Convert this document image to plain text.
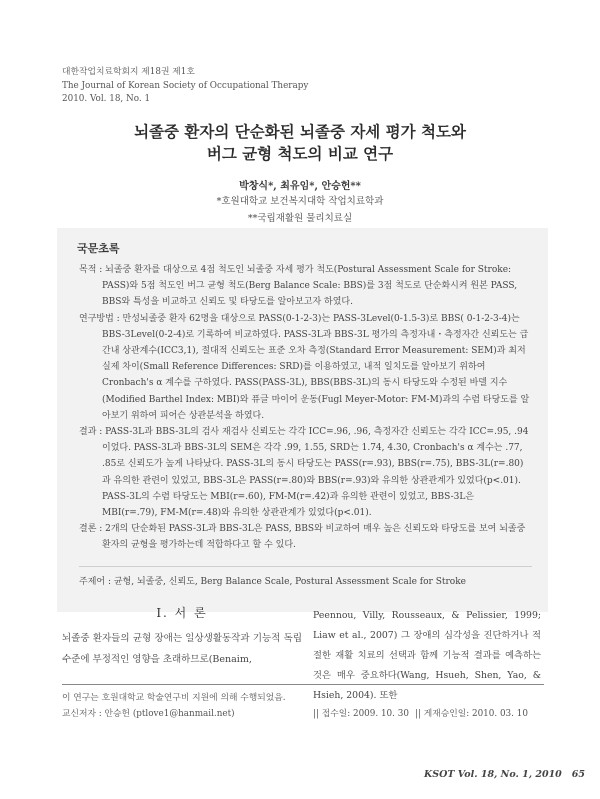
대한작업치료학회지 제18권 제1호
The Journal of Korean Society of Occupational Therapy
2010. Vol. 18, No. 1
뇌졸중 환자의 단순화된 뇌졸중 자세 평가 척도와
버그 균형 척도의 비교 연구
박창식*, 최유임*, 안승헌**
*호원대학교 보건복지대학 작업치료학과
**국립재활원 물리치료실
국문초록

목적 : 뇌졸중 환자를 대상으로 4점 척도인 뇌졸중 자세 평가 척도(Postural Assessment Scale for Stroke: PASS)와 5점 척도인 버그 균형 척도(Berg Balance Scale: BBS)를 3점 척도로 단순화시켜 원본 PASS, BBS와 특성을 비교하고 신뢰도 및 타당도를 알아보고자 하였다.

연구방법 : 만성뇌졸중 환자 62명을 대상으로 PASS(0-1-2-3)는 PASS-3Level(0-1.5-3)로 BBS( 0-1-2-3-4)는 BBS-3Level(0-2-4)로 기록하여 비교하였다. PASS-3L과 BBS-3L 평가의 측정자내・측정자간 신뢰도는 급간내 상관계수(ICC3,1), 절대적 신뢰도는 표준 오차 측정(Standard Error Measurement: SEM)과 최저 실제 차이(Small Reference Differences: SRD)를 이용하였고, 내적 일치도를 알아보기 위하여 Cronbach's α 계수를 구하였다. PASS(PASS-3L), BBS(BBS-3L)의 동시 타당도와 수정된 바델 지수(Modified Barthel Index: MBI)와 퓨글 마이어 운동(Fugl Meyer-Motor: FM-M)과의 수렴 타당도를 알아보기 위하여 피어슨 상관분석을 하였다.

결과 : PASS-3L과 BBS-3L의 검사 재검사 신뢰도는 각각 ICC=.96, .96, 측정자간 신뢰도는 각각 ICC=.95, .94이었다. PASS-3L과 BBS-3L의 SEM은 각각 .99, 1.55, SRD는 1.74, 4.30, Cronbach's α 계수는 .77, .85로 신뢰도가 높게 나타났다. PASS-3L의 동시 타당도는 PASS(r=.93), BBS(r=.75), BBS-3L(r=.80)과 유의한 관련이 있었고, BBS-3L은 PASS(r=.80)와 BBS(r=.93)와 유의한 상관관계가 있었다(p<.01). PASS-3L의 수렴 타당도는 MBI(r=.60), FM-M(r=.42)과 유의한 관련이 있었고, BBS-3L은 MBI(r=.79), FM-M(r=.48)와 유의한 상관관계가 있었다(p<.01).

결론 : 2개의 단순화된 PASS-3L과 BBS-3L은 PASS, BBS와 비교하여 매우 높은 신뢰도와 타당도를 보여 뇌졸중 환자의 균형을 평가하는데 적합하다고 할 수 있다.

주제어 : 균형, 뇌졸중, 신뢰도, Berg Balance Scale, Postural Assessment Scale for Stroke

Ⅰ. 서 론
뇌졸중 환자들의 균형 장애는 일상생활동작과 기능적 독립수준에 부정적인 영향을 초래하므로(Benaim,
Peennou, Villy, Rousseaux, & Pelissier, 1999; Liaw et al., 2007) 그 장애의 심각성을 진단하거나 적절한 재활 치료의 선택과 함께 기능적 결과를 예측하는 것은 매우 중요하다(Wang, Hsueh, Shen, Yao, & Hsieh, 2004). 또한
이 연구는 호원대학교 학술연구비 지원에 의해 수행되었음.
교신저자 : 안승헌 (ptlove1@hanmail.net)	|| 접수일: 2009. 10. 30 || 게재승인일: 2010. 03. 10
KSOT Vol. 18, No. 1, 2010 65
